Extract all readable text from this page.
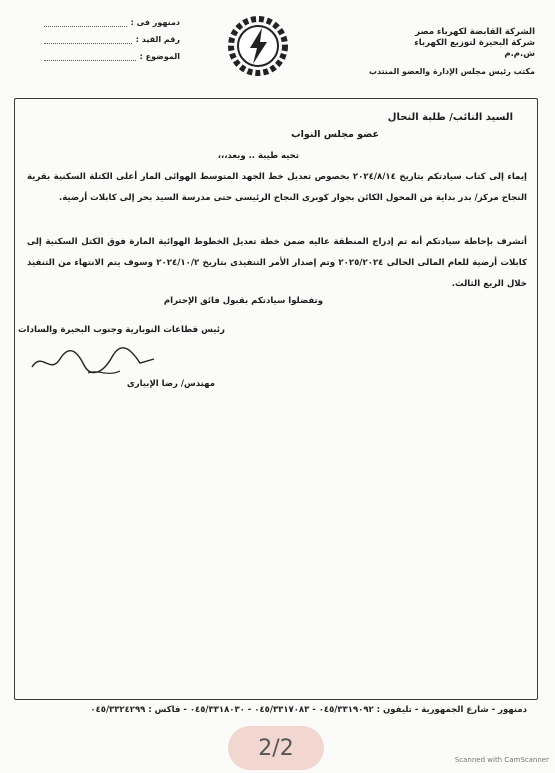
الشركة القابضة لكهرباء مصر
شركة البحيرة لتوزيع الكهرباء
ش.م.م
مكتب رئيس مجلس الإدارة والعضو المنتدب
دمنهور فى :
رقم القيد :
الموضوع :
السيد النائب/ طلبة النحال
عضو مجلس النواب
تحيه طيبة .. وبعد،،،
إيماء إلى كتاب سيادتكم بتاريخ ٢٠٢٤/٨/١٤ بخصوص تعديل خط الجهد المتوسط الهوائى المار أعلى الكتلة السكنية بقرية النجاح مركز/ بدر بداية من المحول الكائن بجوار كوبرى النجاح الرئيسى حتى مدرسة السيد بحر إلى كابلات أرضية.
أتشرف بإحاطة سيادتكم أنه تم إدراج المنطقة عاليه ضمن خطة تعديل الخطوط الهوائية المارة فوق الكتل السكنية إلى كابلات أرضية للعام المالى الحالى ٢٠٢٥/٢٠٢٤ وتم إصدار الأمر التنفيذى بتاريخ ٢٠٢٤/١٠/٢ وسوف يتم الانتهاء من التنفيذ خلال الربع الثالث.
وتفضلوا سيادتكم بقبول فائق الإحترام
رئيس قطاعات النوبارية وجنوب البحيرة والسادات
مهندس/ رضا الإبيارى
دمنهور - شارع الجمهورية - تليفون : ٠٤٥/٣٣١٩٠٩٢ - ٠٤٥/٣٣١٧٠٨٣ - ٠٤٥/٣٣١٨٠٣٠ - فاكس : ٠٤٥/٣٣٢٤٢٩٩
2/2	Scanned with CamScanner
